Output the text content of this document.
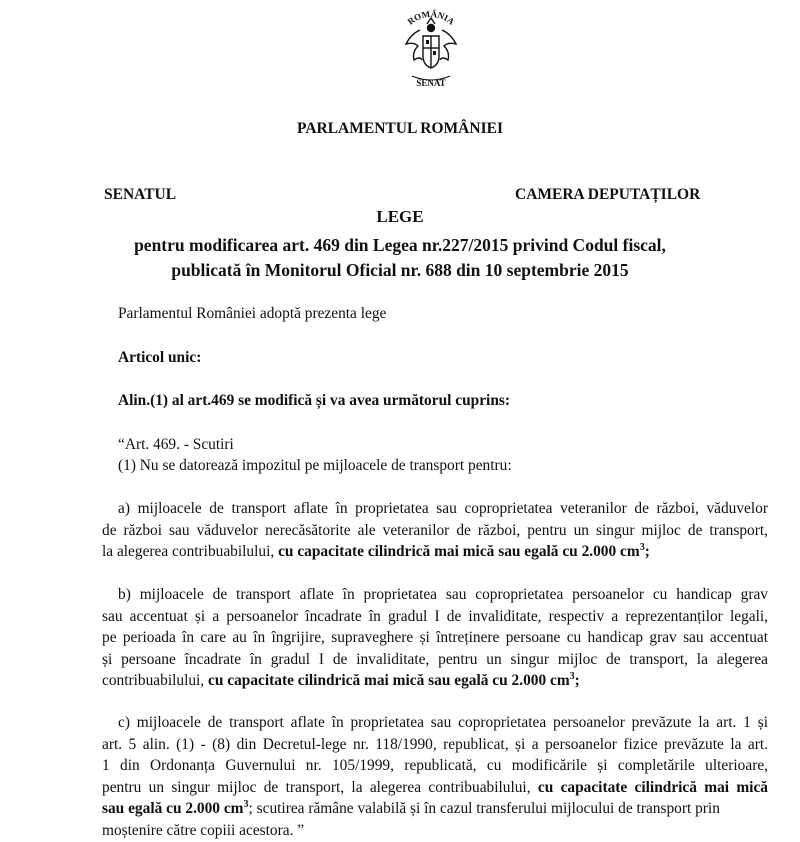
ROMÂNIA
SENAT
PARLAMENTUL ROMÂNIEI
SENATUL	CAMERA DEPUTAȚILOR
LEGE
pentru modificarea art. 469 din Legea nr.227/2015 privind Codul fiscal,
publicată în Monitorul Oficial nr. 688 din 10 septembrie 2015
Parlamentul României adoptă prezenta lege
Articol unic:
Alin.(1) al art.469 se modifică și va avea următorul cuprins:
“Art. 469. - Scutiri
(1) Nu se datorează impozitul pe mijloacele de transport pentru:
a) mijloacele de transport aflate în proprietatea sau coproprietatea veteranilor de război, văduvelor
de război sau văduvelor nerecăsătorite ale veteranilor de război, pentru un singur mijloc de transport,
la alegerea contribuabilului, cu capacitate cilindrică mai mică sau egală cu 2.000 $cm^3$;
b) mijloacele de transport aflate în proprietatea sau coproprietatea persoanelor cu handicap grav
sau accentuat și a persoanelor încadrate în gradul I de invaliditate, respectiv a reprezentanților legali,
pe perioada în care au în îngrijire, supraveghere și întreținere persoane cu handicap grav sau accentuat
și persoane încadrate în gradul I de invaliditate, pentru un singur mijloc de transport, la alegerea
contribuabilului, cu capacitate cilindrică mai mică sau egală cu 2.000 $cm^3$;
c) mijloacele de transport aflate în proprietatea sau coproprietatea persoanelor prevăzute la art. 1 și
art. 5 alin. (1) - (8) din Decretul-lege nr. 118/1990, republicat, și a persoanelor fizice prevăzute la art.
1 din Ordonanța Guvernului nr. 105/1999, republicată, cu modificările și completările ulterioare,
pentru un singur mijloc de transport, la alegerea contribuabilului, cu capacitate cilindrică mai mică
sau egală cu 2.000 $cm^3$; scutirea rămâne valabilă și în cazul transferului mijlocului de transport prin
moștenire către copiii acestora. ”
